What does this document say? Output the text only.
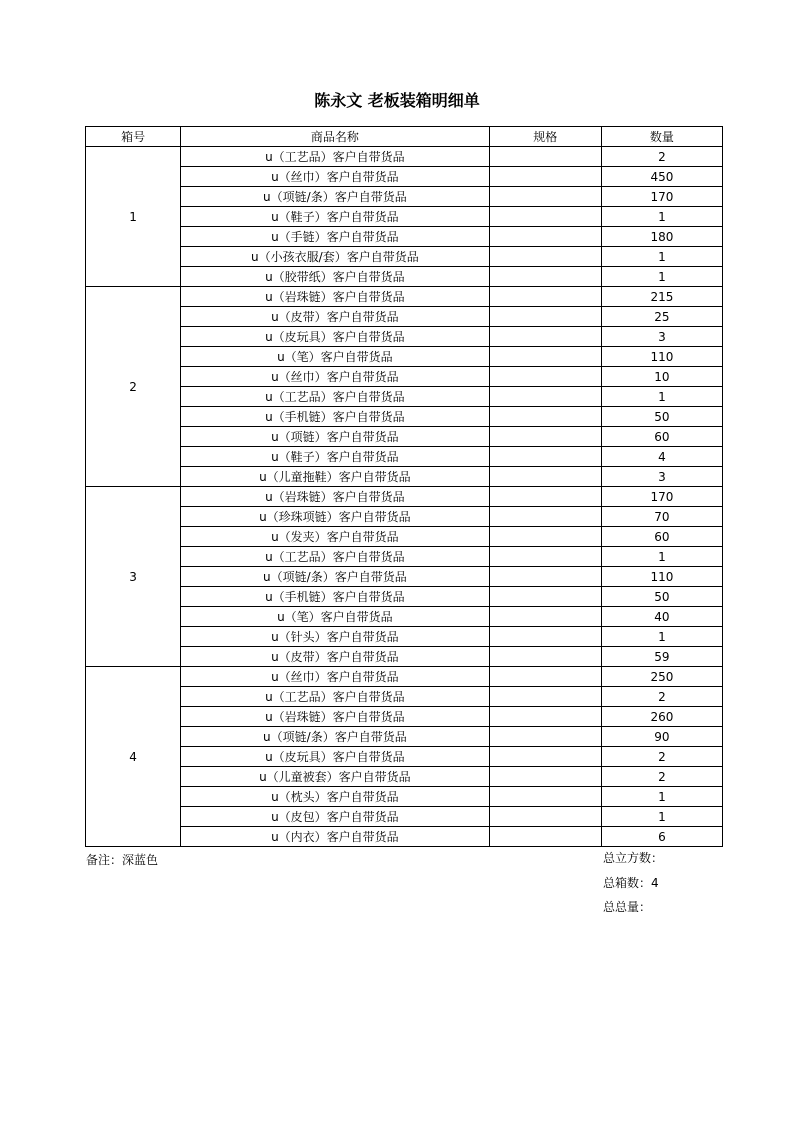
陈永文 老板装箱明细单
箱号	商品名称	规格	数量
1	u（工艺品）客户自带货品		2
	u（丝巾）客户自带货品		450
	u（项链/条）客户自带货品		170
	u（鞋子）客户自带货品		1
	u（手链）客户自带货品		180
	u（小孩衣服/套）客户自带货品		1
	u（胶带纸）客户自带货品		1
2	u（岩珠链）客户自带货品		215
	u（皮带）客户自带货品		25
	u（皮玩具）客户自带货品		3
	u（笔）客户自带货品		110
	u（丝巾）客户自带货品		10
	u（工艺品）客户自带货品		1
	u（手机链）客户自带货品		50
	u（项链）客户自带货品		60
	u（鞋子）客户自带货品		4
	u（儿童拖鞋）客户自带货品		3
3	u（岩珠链）客户自带货品		170
	u（珍珠项链）客户自带货品		70
	u（发夹）客户自带货品		60
	u（工艺品）客户自带货品		1
	u（项链/条）客户自带货品		110
	u（手机链）客户自带货品		50
	u（笔）客户自带货品		40
	u（针头）客户自带货品		1
	u（皮带）客户自带货品		59
4	u（丝巾）客户自带货品		250
	u（工艺品）客户自带货品		2
	u（岩珠链）客户自带货品		260
	u（项链/条）客户自带货品		90
	u（皮玩具）客户自带货品		2
	u（儿童被套）客户自带货品		2
	u（枕头）客户自带货品		1
	u（皮包）客户自带货品		1
	u（内衣）客户自带货品		6
备注：深蓝色	总立方数：
总箱数：4
总总量：
